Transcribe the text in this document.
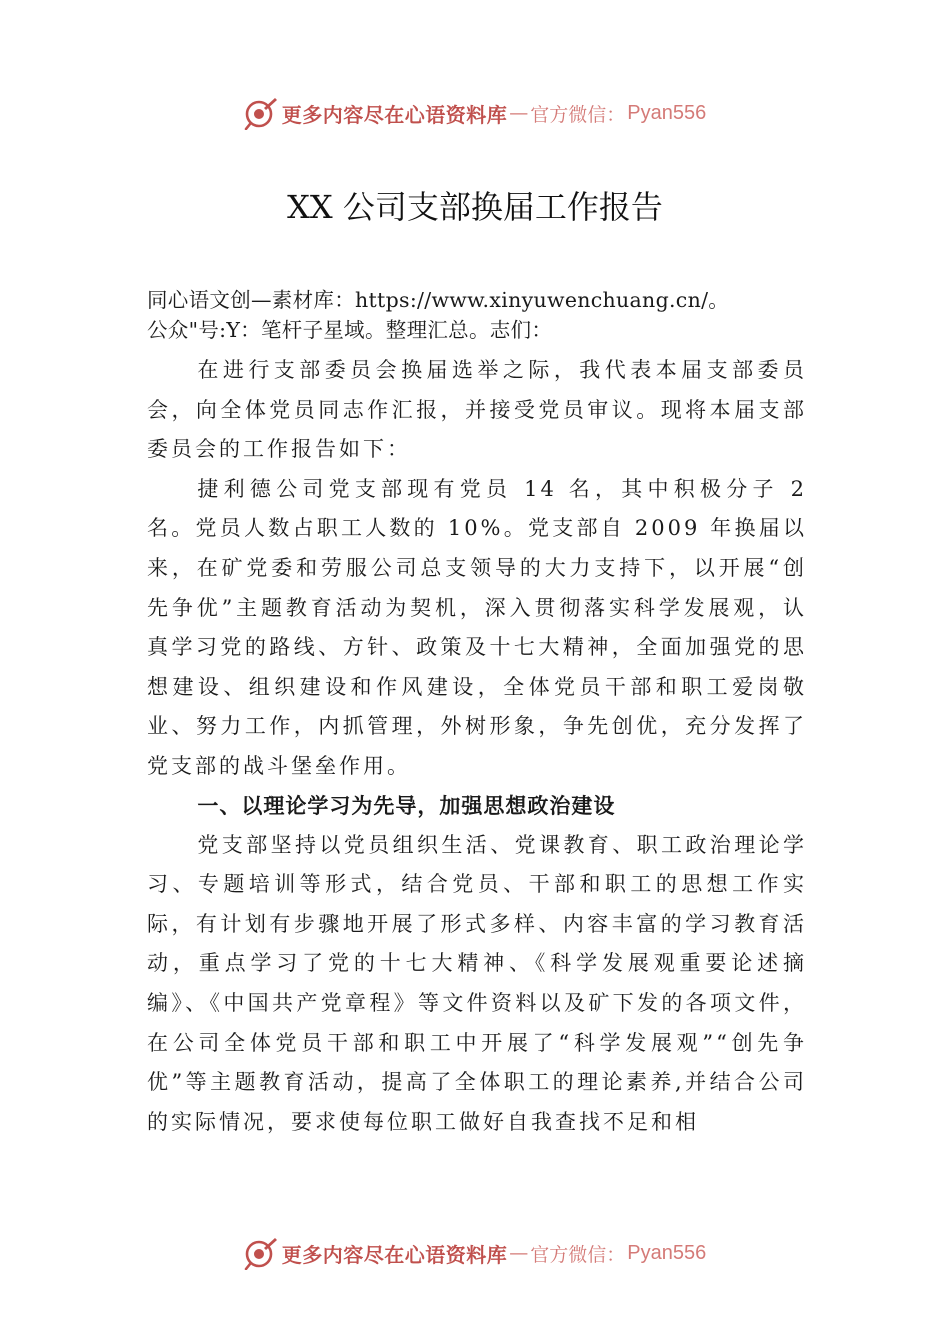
更多内容尽在心语资料库 — 官方微信： Pyan556
XX 公司支部换届工作报告

同心语文创—素材库：https://www.xinyuwenchuang.cn/。

公众"号:Y：笔杆子星域。整理汇总。志们：

在进行支部委员会换届选举之际，我代表本届支部委员会，向全体党员同志作汇报，并接受党员审议。现将本届支部委员会的工作报告如下：

捷利德公司党支部现有党员 14 名，其中积极分子 2 名。党员人数占职工人数的 10%。党支部自 2009 年换届以来，在矿党委和劳服公司总支领导的大力支持下，以开展“创先争优”主题教育活动为契机，深入贯彻落实科学发展观，认真学习党的路线、方针、政策及十七大精神，全面加强党的思想建设、组织建设和作风建设，全体党员干部和职工爱岗敬业、努力工作，内抓管理，外树形象，争先创优，充分发挥了党支部的战斗堡垒作用。

一、以理论学习为先导，加强思想政治建设

党支部坚持以党员组织生活、党课教育、职工政治理论学习、专题培训等形式，结合党员、干部和职工的思想工作实际，有计划有步骤地开展了形式多样、内容丰富的学习教育活动，重点学习了党的十七大精神、《科学发展观重要论述摘编》、《中国共产党章程》等文件资料以及矿下发的各项文件，在公司全体党员干部和职工中开展了“科学发展观”“创先争优”等主题教育活动，提高了全体职工的理论素养,并结合公司的实际情况，要求使每位职工做好自我查找不足和相

更多内容尽在心语资料库 — 官方微信： Pyan556
